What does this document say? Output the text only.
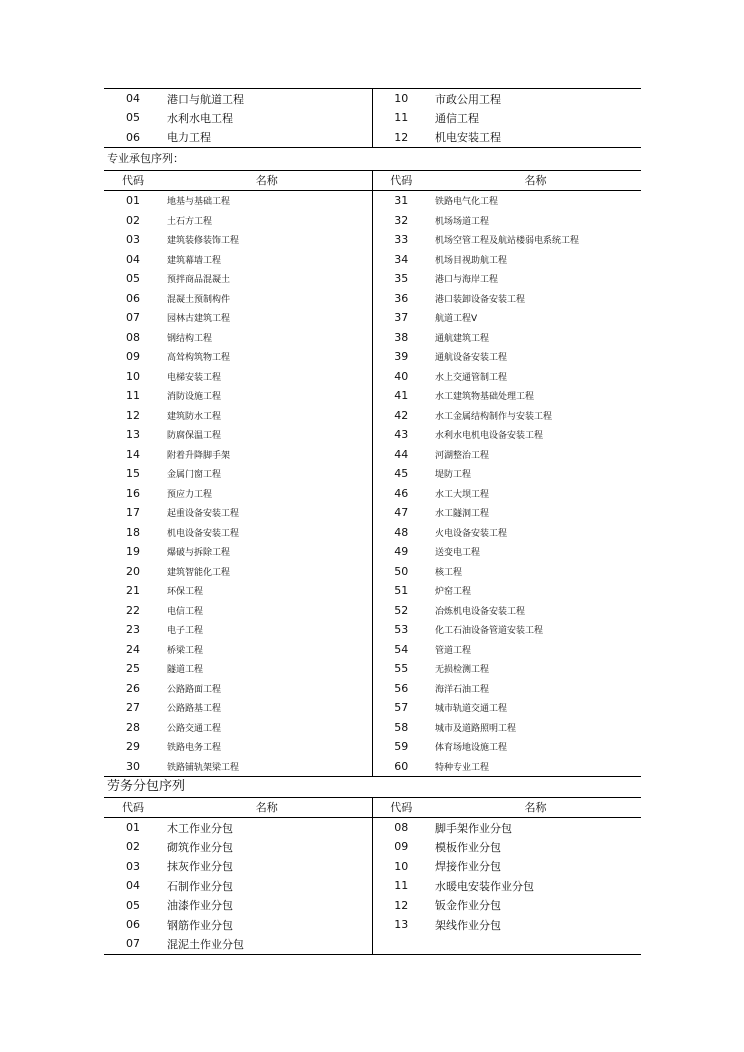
04	港口与航道工程	10	市政公用工程
05	水利水电工程	11	通信工程
06	电力工程	12	机电安装工程
专业承包序列：
代码	名称	代码	名称
01	地基与基础工程	31	铁路电气化工程
02	土石方工程	32	机场场道工程
03	建筑装修装饰工程	33	机场空管工程及航站楼弱电系统工程
04	建筑幕墙工程	34	机场目视助航工程
05	预拌商品混凝土	35	港口与海岸工程
06	混凝土预制构件	36	港口装卸设备安装工程
07	园林古建筑工程	37	航道工程V
08	钢结构工程	38	通航建筑工程
09	高耸构筑物工程	39	通航设备安装工程
10	电梯安装工程	40	水上交通管制工程
11	消防设施工程	41	水工建筑物基础处理工程
12	建筑防水工程	42	水工金属结构制作与安装工程
13	防腐保温工程	43	水利水电机电设备安装工程
14	附着升降脚手架	44	河湖整治工程
15	金属门窗工程	45	堤防工程
16	预应力工程	46	水工大坝工程
17	起重设备安装工程	47	水工隧洞工程
18	机电设备安装工程	48	火电设备安装工程
19	爆破与拆除工程	49	送变电工程
20	建筑智能化工程	50	核工程
21	环保工程	51	炉窑工程
22	电信工程	52	冶炼机电设备安装工程
23	电子工程	53	化工石油设备管道安装工程
24	桥梁工程	54	管道工程
25	隧道工程	55	无损检测工程
26	公路路面工程	56	海洋石油工程
27	公路路基工程	57	城市轨道交通工程
28	公路交通工程	58	城市及道路照明工程
29	铁路电务工程	59	体育场地设施工程
30	铁路铺轨架梁工程	60	特种专业工程
劳务分包序列
代码	名称	代码	名称
01	木工作业分包	08	脚手架作业分包
02	砌筑作业分包	09	模板作业分包
03	抹灰作业分包	10	焊接作业分包
04	石制作业分包	11	水暖电安装作业分包
05	油漆作业分包	12	钣金作业分包
06	钢筋作业分包	13	架线作业分包
07	混泥土作业分包		
